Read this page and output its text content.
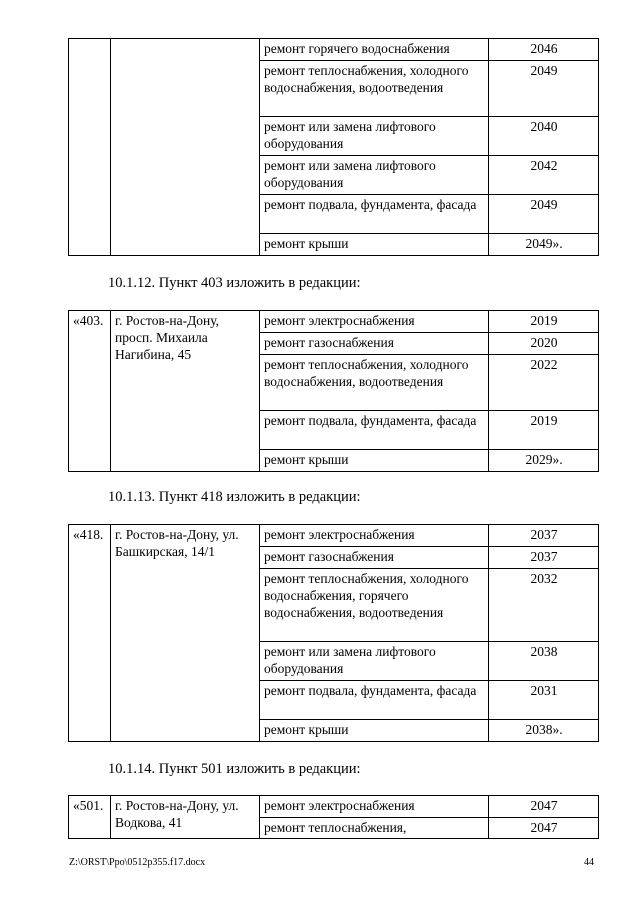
		ремонт горячего водоснабжения	2046
		ремонт теплоснабжения, холодного водоснабжения, водоотведения	2049
		ремонт или замена лифтового оборудования	2040
		ремонт или замена лифтового оборудования	2042
		ремонт подвала, фундамента, фасада	2049
		ремонт крыши	2049».
10.1.12. Пункт 403 изложить в редакции:
«403.	г. Ростов-на-Дону, просп. Михаила Нагибина, 45	ремонт электроснабжения	2019
		ремонт газоснабжения	2020
		ремонт теплоснабжения, холодного водоснабжения, водоотведения	2022
		ремонт подвала, фундамента, фасада	2019
		ремонт крыши	2029».
10.1.13. Пункт 418 изложить в редакции:
«418.	г. Ростов-на-Дону, ул. Башкирская, 14/1	ремонт электроснабжения	2037
		ремонт газоснабжения	2037
		ремонт теплоснабжения, холодного водоснабжения, горячего водоснабжения, водоотведения	2032
		ремонт или замена лифтового оборудования	2038
		ремонт подвала, фундамента, фасада	2031
		ремонт крыши	2038».
10.1.14. Пункт 501 изложить в редакции:
«501.	г. Ростов-на-Дону, ул. Водкова, 41	ремонт электроснабжения	2047
		ремонт теплоснабжения,	2047
Z:\ORST\Ppo\0512p355.f17.docx	44
